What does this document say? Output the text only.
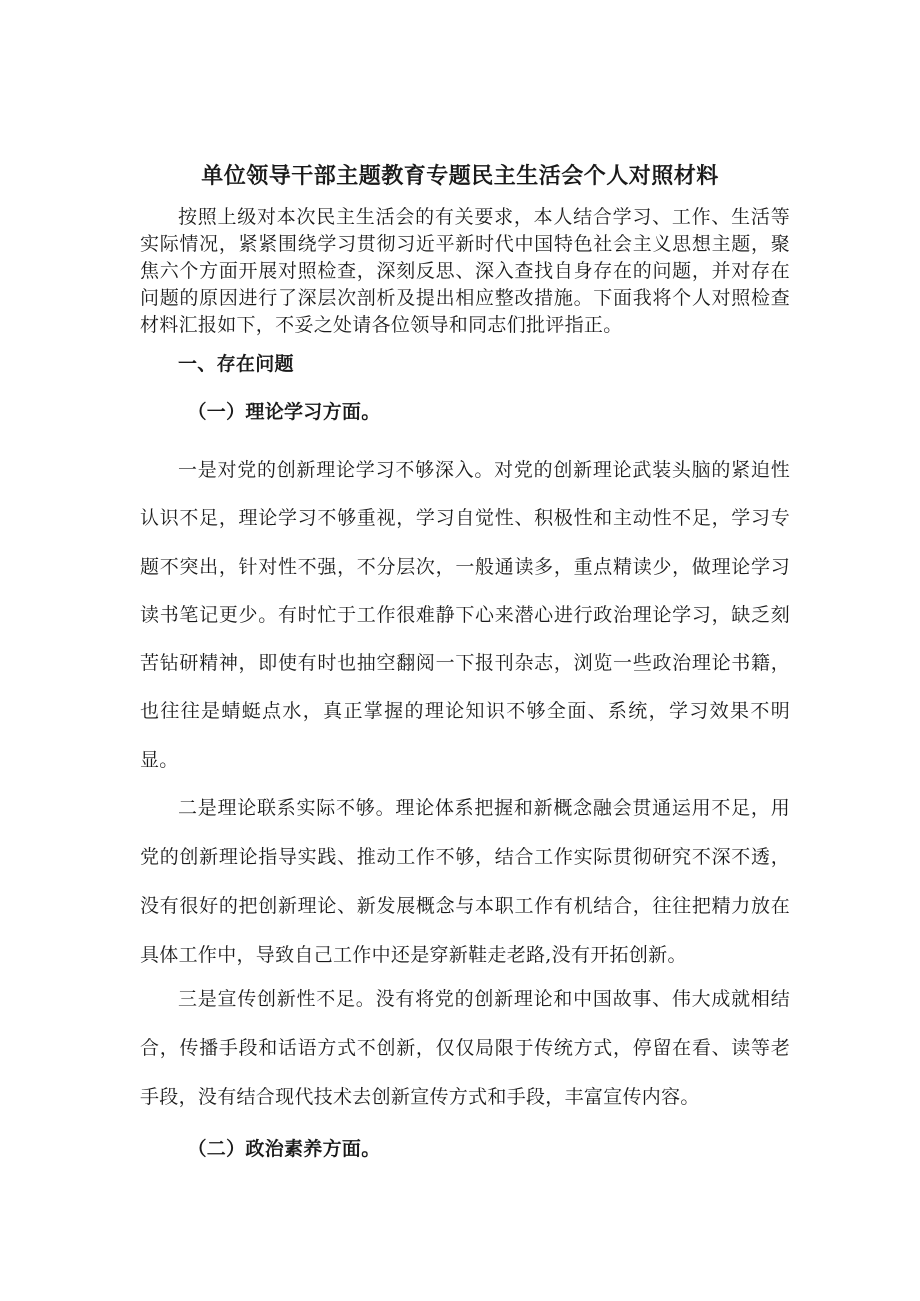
单位领导干部主题教育专题民主生活会个人对照材料

按照上级对本次民主生活会的有关要求，本人结合学习、工作、生活等实际情况，紧紧围绕学习贯彻习近平新时代中国特色社会主义思想主题，聚焦六个方面开展对照检查，深刻反思、深入查找自身存在的问题，并对存在问题的原因进行了深层次剖析及提出相应整改措施。下面我将个人对照检查材料汇报如下，不妥之处请各位领导和同志们批评指正。

一、存在问题
（一）理论学习方面。

一是对党的创新理论学习不够深入。对党的创新理论武装头脑的紧迫性认识不足，理论学习不够重视，学习自觉性、积极性和主动性不足，学习专题不突出，针对性不强，不分层次，一般通读多，重点精读少，做理论学习读书笔记更少。有时忙于工作很难静下心来潜心进行政治理论学习，缺乏刻苦钻研精神，即使有时也抽空翻阅一下报刊杂志，浏览一些政治理论书籍，也往往是蜻蜓点水，真正掌握的理论知识不够全面、系统，学习效果不明显。

二是理论联系实际不够。理论体系把握和新概念融会贯通运用不足，用党的创新理论指导实践、推动工作不够，结合工作实际贯彻研究不深不透，没有很好的把创新理论、新发展概念与本职工作有机结合，往往把精力放在具体工作中，导致自己工作中还是穿新鞋走老路,没有开拓创新。

三是宣传创新性不足。没有将党的创新理论和中国故事、伟大成就相结合，传播手段和话语方式不创新，仅仅局限于传统方式，停留在看、读等老手段，没有结合现代技术去创新宣传方式和手段，丰富宣传内容。

（二）政治素养方面。
